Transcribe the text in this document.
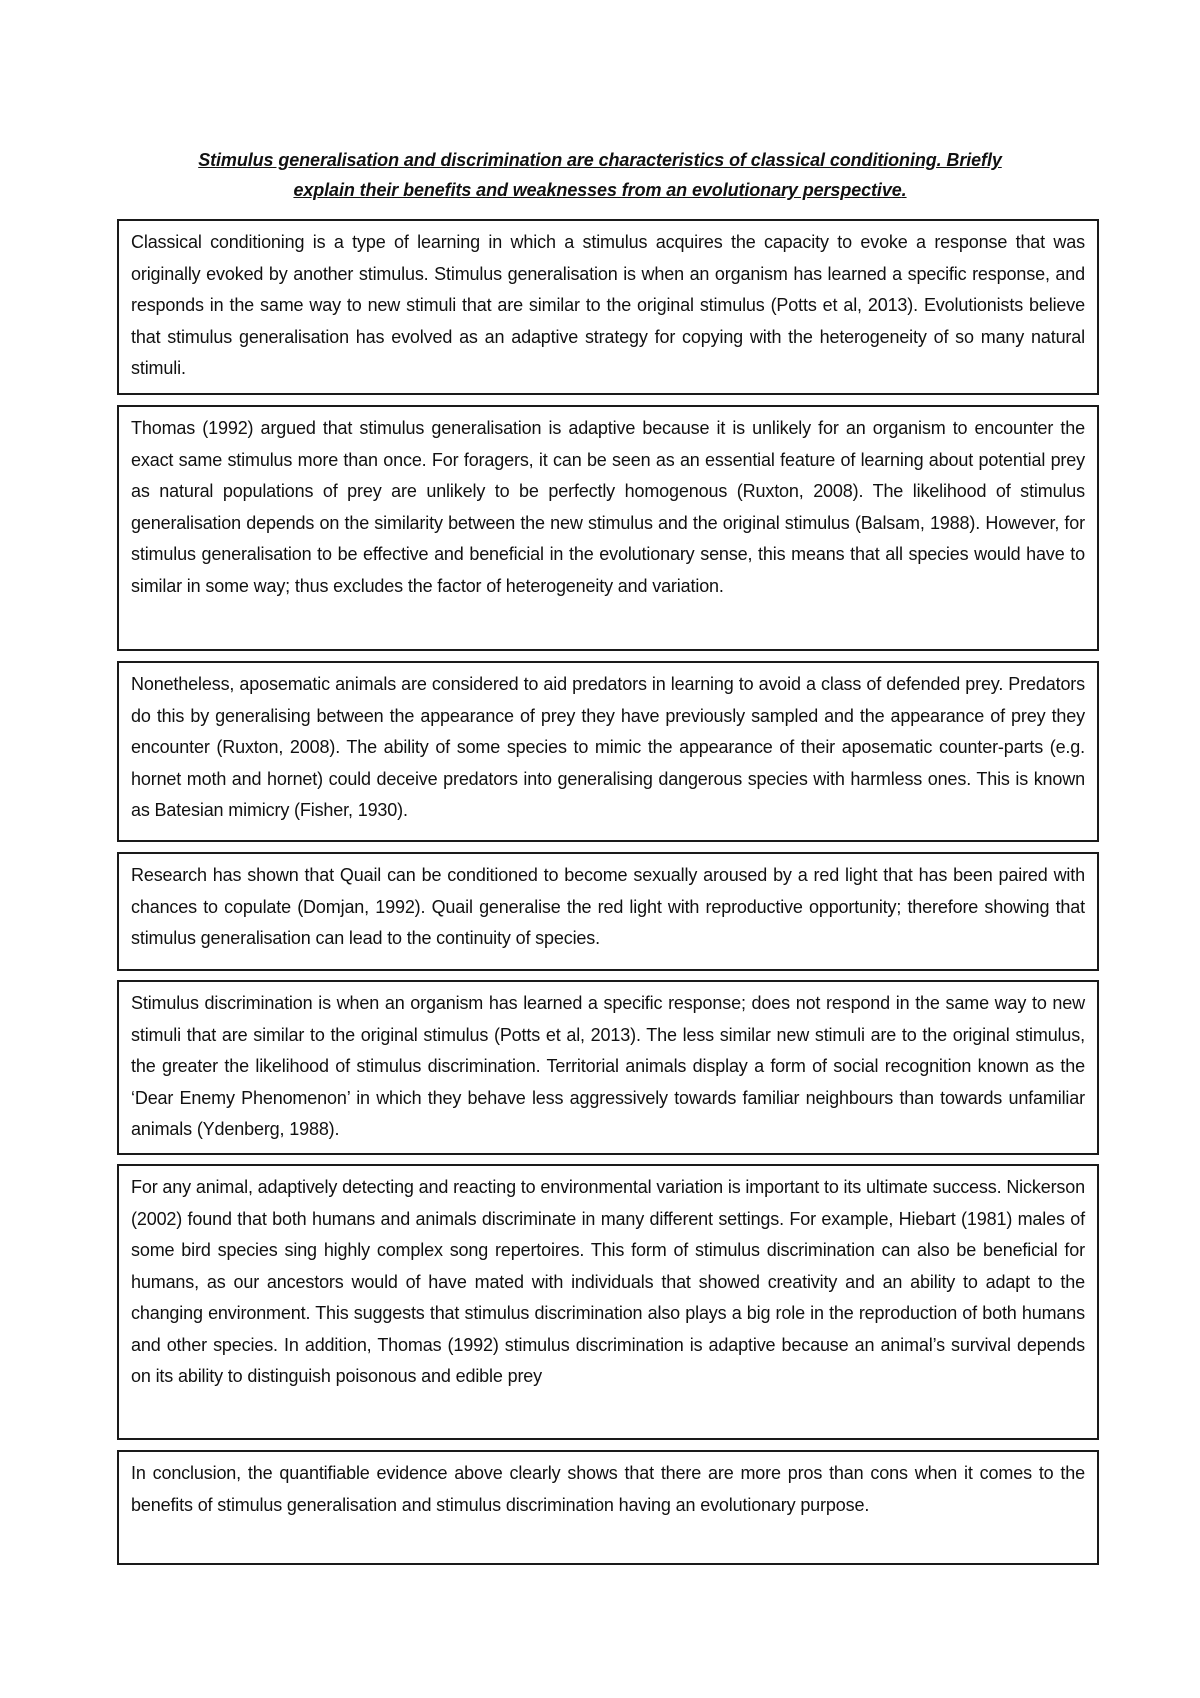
Stimulus generalisation and discrimination are characteristics of classical conditioning. Briefly
explain their benefits and weaknesses from an evolutionary perspective.

Classical conditioning is a type of learning in which a stimulus acquires the capacity to evoke a response that was originally evoked by another stimulus. Stimulus generalisation is when an organism has learned a specific response, and responds in the same way to new stimuli that are similar to the original stimulus (Potts et al, 2013). Evolutionists believe that stimulus generalisation has evolved as an adaptive strategy for copying with the heterogeneity of so many natural stimuli.

Thomas (1992) argued that stimulus generalisation is adaptive because it is unlikely for an organism to encounter the exact same stimulus more than once. For foragers, it can be seen as an essential feature of learning about potential prey as natural populations of prey are unlikely to be perfectly homogenous (Ruxton, 2008). The likelihood of stimulus generalisation depends on the similarity between the new stimulus and the original stimulus (Balsam, 1988). However, for stimulus generalisation to be effective and beneficial in the evolutionary sense, this means that all species would have to similar in some way; thus excludes the factor of heterogeneity and variation.

Nonetheless, aposematic animals are considered to aid predators in learning to avoid a class of defended prey. Predators do this by generalising between the appearance of prey they have previously sampled and the appearance of prey they encounter (Ruxton, 2008). The ability of some species to mimic the appearance of their aposematic counter-parts (e.g. hornet moth and hornet) could deceive predators into generalising dangerous species with harmless ones. This is known as Batesian mimicry (Fisher, 1930).

Research has shown that Quail can be conditioned to become sexually aroused by a red light that has been paired with chances to copulate (Domjan, 1992). Quail generalise the red light with reproductive opportunity; therefore showing that stimulus generalisation can lead to the continuity of species.

Stimulus discrimination is when an organism has learned a specific response; does not respond in the same way to new stimuli that are similar to the original stimulus (Potts et al, 2013). The less similar new stimuli are to the original stimulus, the greater the likelihood of stimulus discrimination. Territorial animals display a form of social recognition known as the ‘Dear Enemy Phenomenon’ in which they behave less aggressively towards familiar neighbours than towards unfamiliar animals (Ydenberg, 1988).

For any animal, adaptively detecting and reacting to environmental variation is important to its ultimate success. Nickerson (2002) found that both humans and animals discriminate in many different settings. For example, Hiebart (1981) males of some bird species sing highly complex song repertoires. This form of stimulus discrimination can also be beneficial for humans, as our ancestors would of have mated with individuals that showed creativity and an ability to adapt to the changing environment. This suggests that stimulus discrimination also plays a big role in the reproduction of both humans and other species. In addition, Thomas (1992) stimulus discrimination is adaptive because an animal’s survival depends on its ability to distinguish poisonous and edible prey

In conclusion, the quantifiable evidence above clearly shows that there are more pros than cons when it comes to the benefits of stimulus generalisation and stimulus discrimination having an evolutionary purpose.
